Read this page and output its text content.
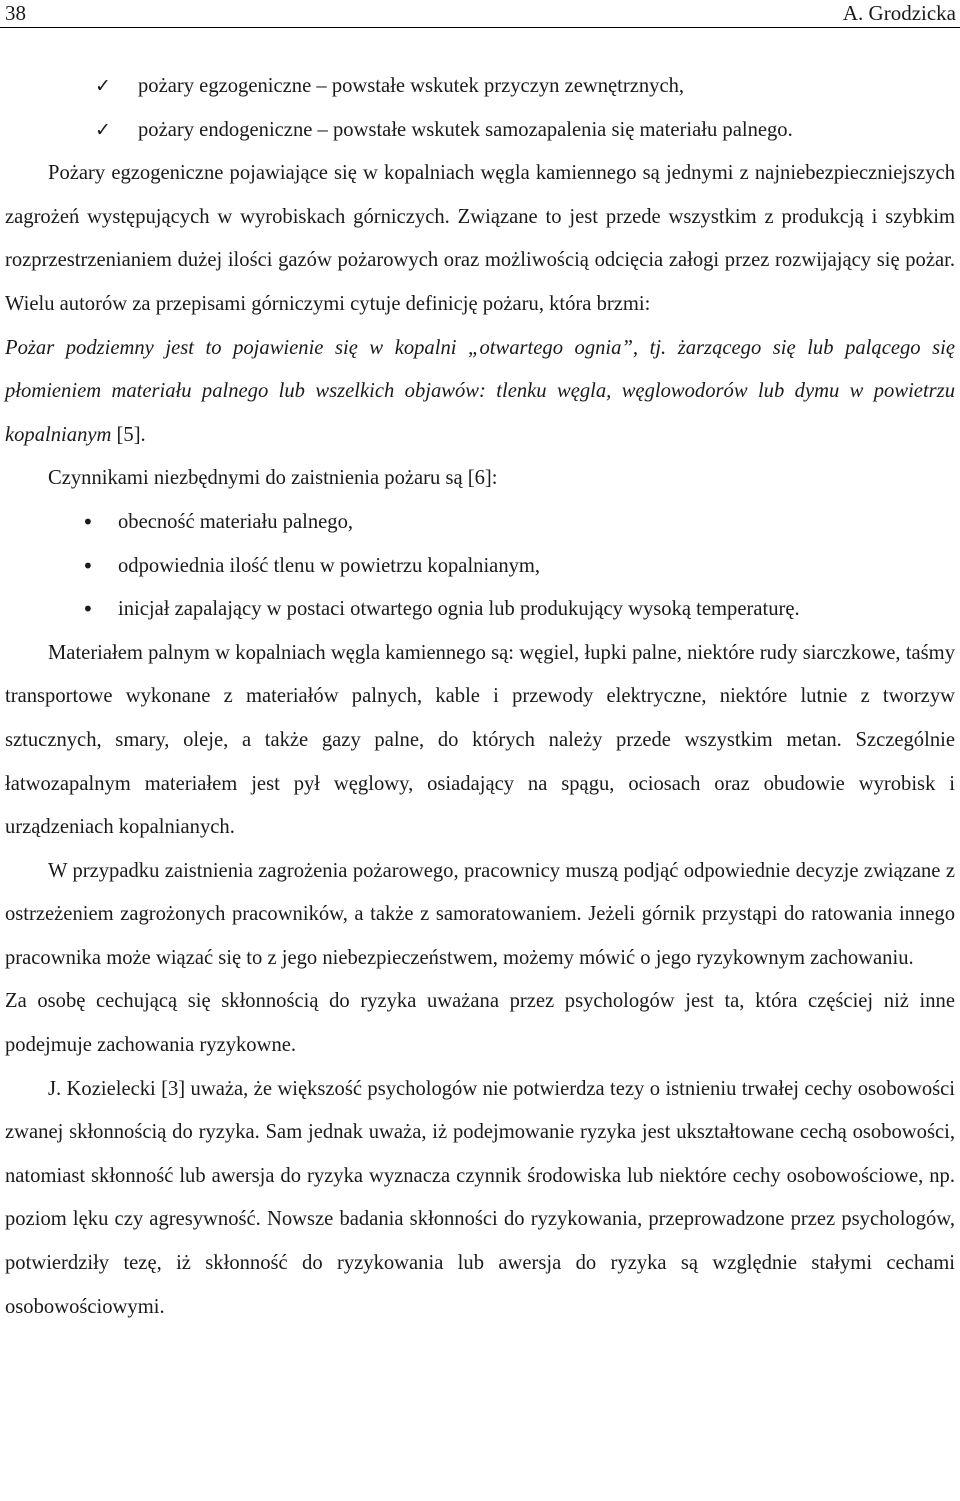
38	A. Grodzicka
✓ pożary egzogeniczne – powstałe wskutek przyczyn zewnętrznych,
✓ pożary endogeniczne – powstałe wskutek samozapalenia się materiału palnego.

Pożary egzogeniczne pojawiające się w kopalniach węgla kamiennego są jednymi z najniebezpieczniejszych zagrożeń występujących w wyrobiskach górniczych. Związane to jest przede wszystkim z produkcją i szybkim rozprzestrzenianiem dużej ilości gazów pożarowych oraz możliwością odcięcia załogi przez rozwijający się pożar. Wielu autorów za przepisami górniczymi cytuje definicję pożaru, która brzmi:

Pożar podziemny jest to pojawienie się w kopalni „otwartego ognia”, tj. żarzącego się lub palącego się płomieniem materiału palnego lub wszelkich objawów: tlenku węgla, węglowodorów lub dymu w powietrzu kopalnianym [5].

Czynnikami niezbędnymi do zaistnienia pożaru są [6]:

• obecność materiału palnego,
• odpowiednia ilość tlenu w powietrzu kopalnianym,
• inicjał zapalający w postaci otwartego ognia lub produkujący wysoką temperaturę.

Materiałem palnym w kopalniach węgla kamiennego są: węgiel, łupki palne, niektóre rudy siarczkowe, taśmy transportowe wykonane z materiałów palnych, kable i przewody elektryczne, niektóre lutnie z tworzyw sztucznych, smary, oleje, a także gazy palne, do których należy przede wszystkim metan. Szczególnie łatwozapalnym materiałem jest pył węglowy, osiadający na spągu, ociosach oraz obudowie wyrobisk i urządzeniach kopalnianych.

W przypadku zaistnienia zagrożenia pożarowego, pracownicy muszą podjąć odpowiednie decyzje związane z ostrzeżeniem zagrożonych pracowników, a także z samoratowaniem. Jeżeli górnik przystąpi do ratowania innego pracownika może wiązać się to z jego niebezpieczeństwem, możemy mówić o jego ryzykownym zachowaniu.

Za osobę cechującą się skłonnością do ryzyka uważana przez psychologów jest ta, która częściej niż inne podejmuje zachowania ryzykowne.

J. Kozielecki [3] uważa, że większość psychologów nie potwierdza tezy o istnieniu trwałej cechy osobowości zwanej skłonnością do ryzyka. Sam jednak uważa, iż podejmowanie ryzyka jest ukształtowane cechą osobowości, natomiast skłonność lub awersja do ryzyka wyznacza czynnik środowiska lub niektóre cechy osobowościowe, np. poziom lęku czy agresywność. Nowsze badania skłonności do ryzykowania, przeprowadzone przez psychologów, potwierdziły tezę, iż skłonność do ryzykowania lub awersja do ryzyka są względnie stałymi cechami osobowościowymi.
